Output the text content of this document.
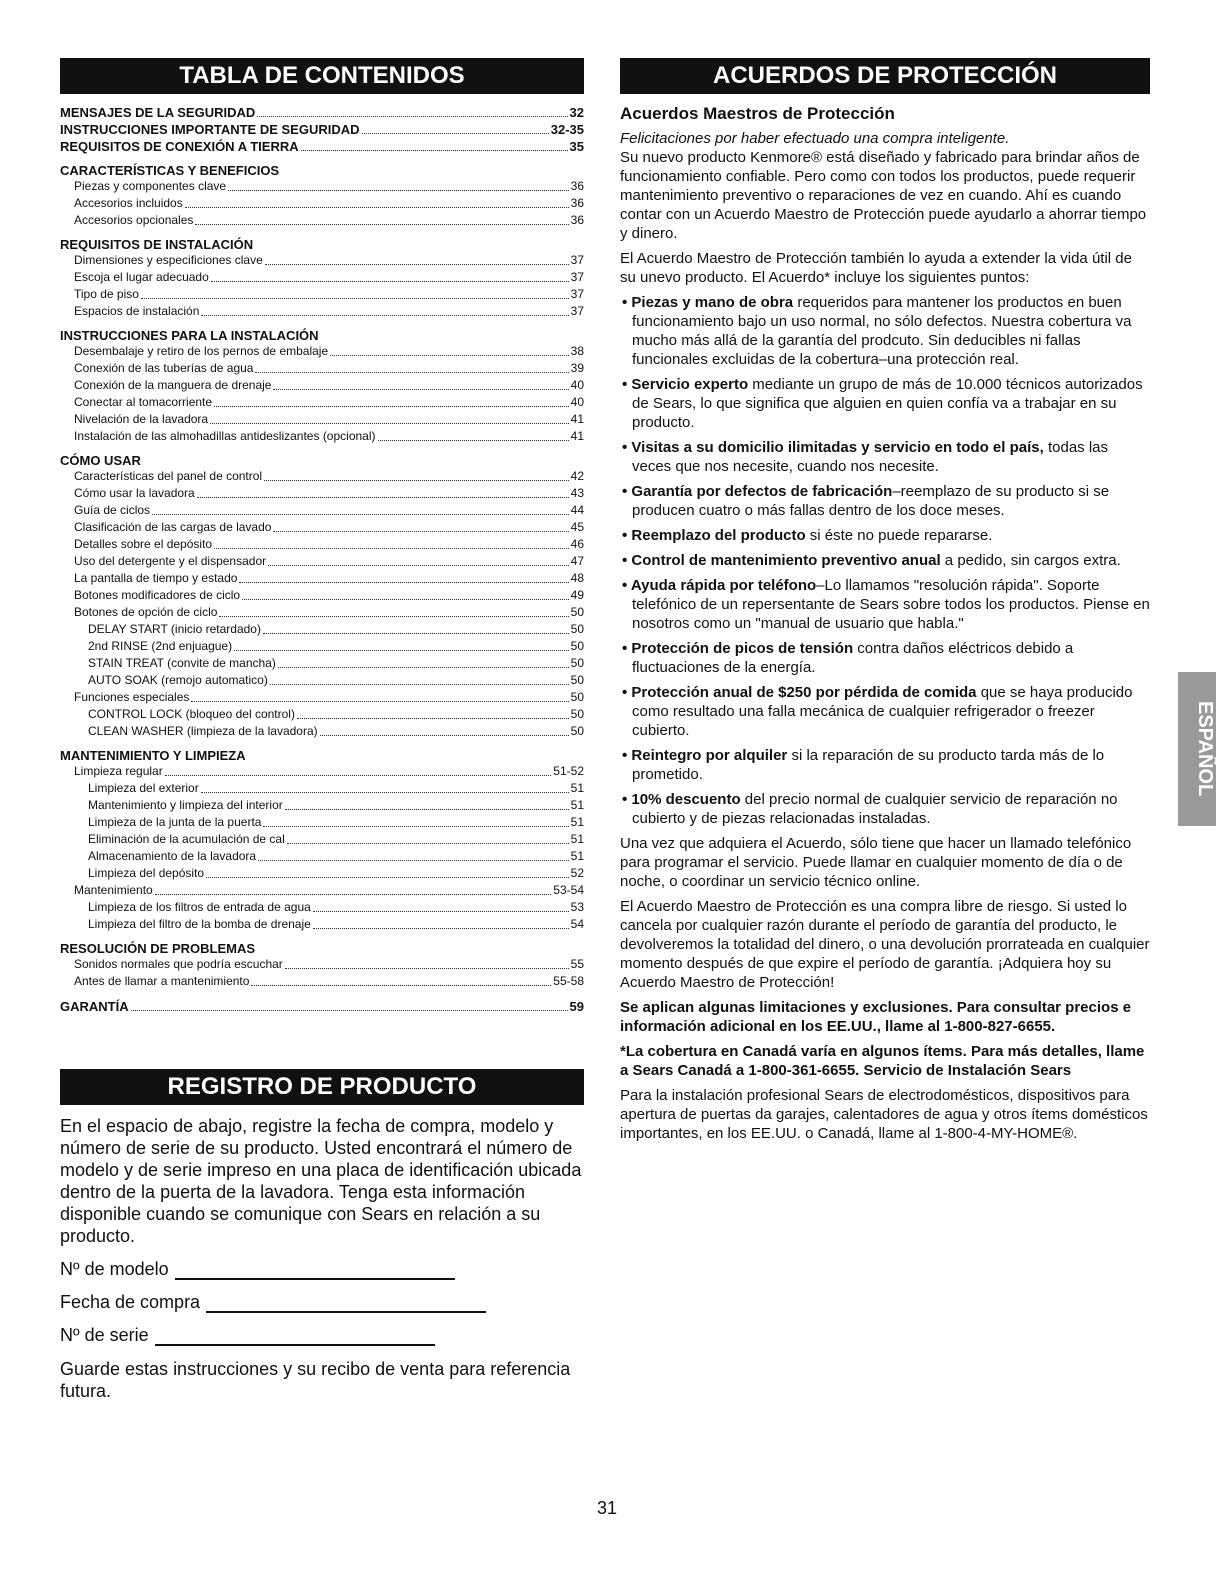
TABLA DE CONTENIDOS
MENSAJES DE LA SEGURIDAD	32
INSTRUCCIONES IMPORTANTE DE SEGURIDAD	32-35
REQUISITOS DE CONEXIÓN A TIERRA	35
CARACTERÍSTICAS Y BENEFICIOS
Piezas y componentes clave	36
Accesorios incluidos	36
Accesorios opcionales	36
REQUISITOS DE INSTALACIÓN
Dimensiones y especificiones clave	37
Escoja el lugar adecuado	37
Tipo de piso	37
Espacios de instalación	37
INSTRUCCIONES PARA LA INSTALACIÓN
Desembalaje y retiro de los pernos de embalaje	38
Conexión de las tuberías de agua	39
Conexión de la manguera de drenaje	40
Conectar al tomacorriente	40
Nivelación de la lavadora	41
Instalación de las almohadillas antideslizantes (opcional)	41
CÓMO USAR
Características del panel de control	42
Cómo usar la lavadora	43
Guía de ciclos	44
Clasificación de las cargas de lavado	45
Detalles sobre el depósito	46
Uso del detergente y el dispensador	47
La pantalla de tiempo y estado	48
Botones modificadores de ciclo	49
Botones de opción de ciclo	50
DELAY START (inicio retardado)	50
2nd RINSE (2nd enjuague)	50
STAIN TREAT (convite de mancha)	50
AUTO SOAK (remojo automatico)	50
Funciones especiales	50
CONTROL LOCK (bloqueo del control)	50
CLEAN WASHER (limpieza de la lavadora)	50
MANTENIMIENTO Y LIMPIEZA
Limpieza regular	51-52
Limpieza del exterior	51
Mantenimiento y limpieza del interior	51
Limpieza de la junta de la puerta	51
Eliminación de la acumulación de cal	51
Almacenamiento de la lavadora	51
Limpieza del depósito	52
Mantenimiento	53-54
Limpieza de los filtros de entrada de agua	53
Limpieza del filtro de la bomba de drenaje	54
RESOLUCIÓN DE PROBLEMAS
Sonidos normales que podría escuchar	55
Antes de llamar a mantenimiento	55-58
GARANTÍA	59
REGISTRO DE PRODUCTO
En el espacio de abajo, registre la fecha de compra, modelo y número de serie de su producto. Usted encontrará el número de modelo y de serie impreso en una placa de identificación ubicada dentro de la puerta de la lavadora. Tenga esta información disponible cuando se comunique con Sears en relación a su producto.
Nº de modelo
Fecha de compra
Nº de serie
Guarde estas instrucciones y su recibo de venta para referencia futura.
ACUERDOS DE PROTECCIÓN

Acuerdos Maestros de Protección

Felicitaciones por haber efectuado una compra inteligente.

Su nuevo producto Kenmore® está diseñado y fabricado para brindar años de funcionamiento confiable. Pero como con todos los productos, puede requerir mantenimiento preventivo o reparaciones de vez en cuando. Ahí es cuando contar con un Acuerdo Maestro de Protección puede ayudarlo a ahorrar tiempo y dinero.

El Acuerdo Maestro de Protección también lo ayuda a extender la vida útil de su unevo producto. El Acuerdo* incluye los siguientes puntos:

• Piezas y mano de obra requeridos para mantener los productos en buen funcionamiento bajo un uso normal, no sólo defectos. Nuestra cobertura va mucho más allá de la garantía del prodcuto. Sin deducibles ni fallas funcionales excluidas de la cobertura–una protección real.

• Servicio experto mediante un grupo de más de 10.000 técnicos autorizados de Sears, lo que significa que alguien en quien confía va a trabajar en su producto.

• Visitas a su domicilio ilimitadas y servicio en todo el país, todas las veces que nos necesite, cuando nos necesite.

• Garantía por defectos de fabricación–reemplazo de su producto si se producen cuatro o más fallas dentro de los doce meses.

• Reemplazo del producto si éste no puede repararse.

• Control de mantenimiento preventivo anual a pedido, sin cargos extra.

• Ayuda rápida por teléfono–Lo llamamos "resolución rápida". Soporte telefónico de un repersentante de Sears sobre todos los productos. Piense en nosotros como un "manual de usuario que habla."

• Protección de picos de tensión contra daños eléctricos debido a fluctuaciones de la energía.

• Protección anual de $250 por pérdida de comida que se haya producido como resultado una falla mecánica de cualquier refrigerador o freezer cubierto.

• Reintegro por alquiler si la reparación de su producto tarda más de lo prometido.

• 10% descuento del precio normal de cualquier servicio de reparación no cubierto y de piezas relacionadas instaladas.

Una vez que adquiera el Acuerdo, sólo tiene que hacer un llamado telefónico para programar el servicio. Puede llamar en cualquier momento de día o de noche, o coordinar un servicio técnico online.

El Acuerdo Maestro de Protección es una compra libre de riesgo. Si usted lo cancela por cualquier razón durante el período de garantía del producto, le devolveremos la totalidad del dinero, o una devolución prorrateada en cualquier momento después de que expire el período de garantía. ¡Adquiera hoy su Acuerdo Maestro de Protección!

Se aplican algunas limitaciones y exclusiones. Para consultar precios e información adicional en los EE.UU., llame al 1-800-827-6655.

*La cobertura en Canadá varía en algunos ítems. Para más detalles, llame a Sears Canadá a 1-800-361-6655. Servicio de Instalación Sears

Para la instalación profesional Sears de electrodomésticos, dispositivos para apertura de puertas da garajes, calentadores de agua y otros ítems domésticos importantes, en los EE.UU. o Canadá, llame al 1-800-4-MY-HOME®.

31
ESPAÑOL
